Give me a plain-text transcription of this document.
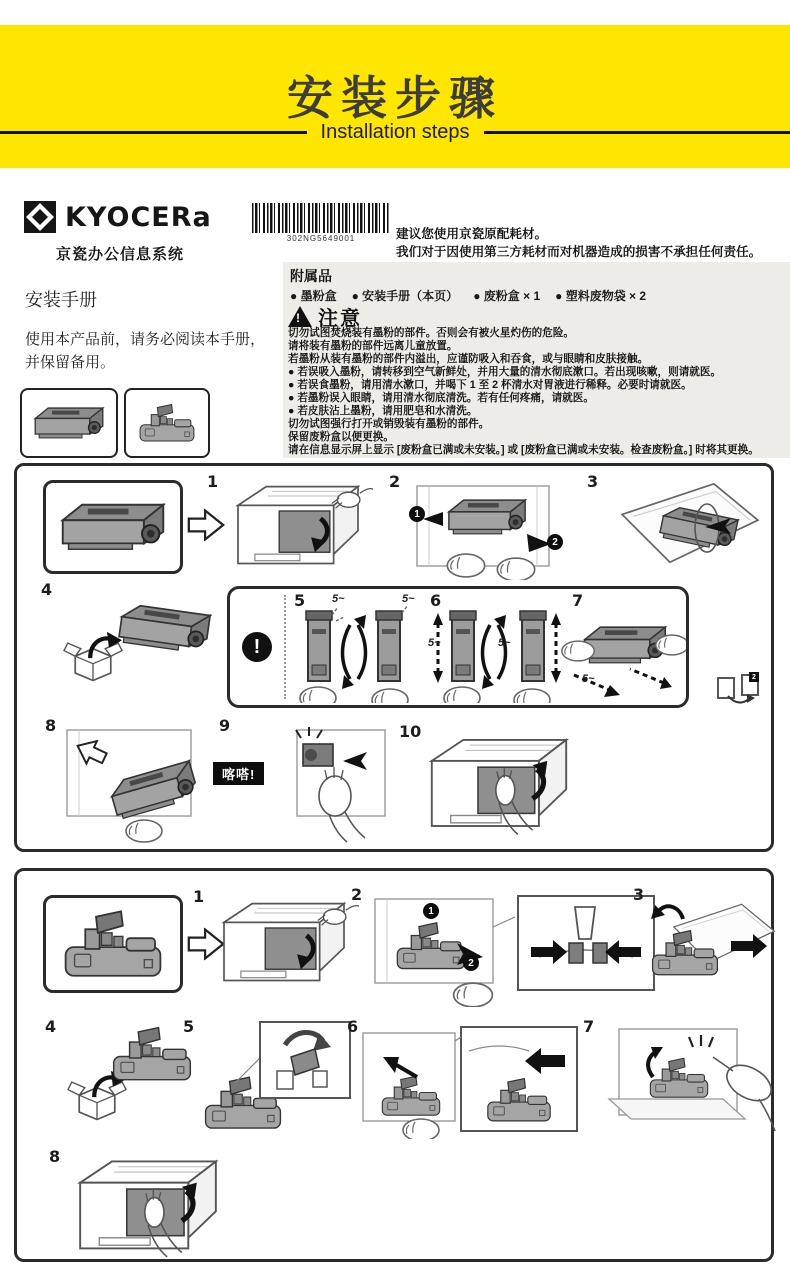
安装步骤
Installation steps
KYOCERa
京瓷办公信息系统
安装手册
使用本产品前，请务必阅读本手册，
并保留备用。
302NG5649001	建议您使用京瓷原配耗材。
我们对于因使用第三方耗材而对机器造成的损害不承担任何责任。
附属品
● 墨粉盒 ● 安装手册（本页） ● 废粉盒 × 1 ● 塑料废物袋 × 2
! 注意
切勿试图焚烧装有墨粉的部件。否则会有被火星灼伤的危险。
请将装有墨粉的部件远离儿童放置。
若墨粉从装有墨粉的部件内溢出，应谨防吸入和吞食，或与眼睛和皮肤接触。
● 若误吸入墨粉，请转移到空气新鲜处，并用大量的清水彻底漱口。若出现咳嗽，则请就医。
● 若误食墨粉，请用清水漱口，并喝下 1 至 2 杯清水对胃液进行稀释。必要时请就医。
● 若墨粉误入眼睛，请用清水彻底清洗。若有任何疼痛，请就医。
● 若皮肤沾上墨粉，请用肥皂和水清洗。
切勿试图强行打开或销毁装有墨粉的部件。
保留废粉盒以便更换。
请在信息显示屏上显示 [废粉盒已满或未安装。] 或 [废粉盒已满或未安装。检查废粉盒。] 时将其更换。
1	2
1
2
3
4
!
5 5~	5~ 6
5~	5~
7
5~	2
8	9
喀嗒!
10
1	2
1
2
3
4	5	6	7
8
